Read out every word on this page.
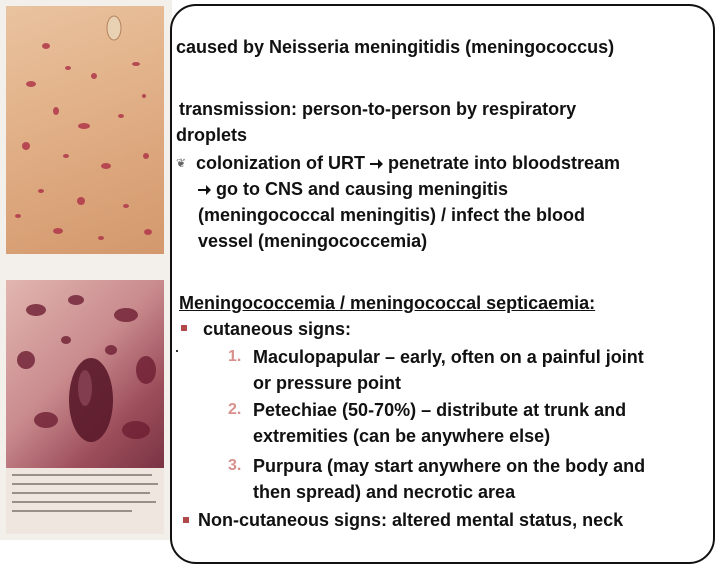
caused by Neisseria meningitidis (meningococcus)
transmission: person-to-person by respiratory
droplets
❦ colonization of URT penetrate into bloodstream
go to CNS and causing meningitis
(meningococcal meningitis) / infect the blood
vessel (meningococcemia)
Meningococcemia / meningococcal septicaemia:
cutaneous signs:
1. Maculopapular – early, often on a painful joint
or pressure point
2. Petechiae (50-70%) – distribute at trunk and
extremities (can be anywhere else)
3. Purpura (may start anywhere on the body and
then spread) and necrotic area
Non-cutaneous signs: altered mental status, neck
